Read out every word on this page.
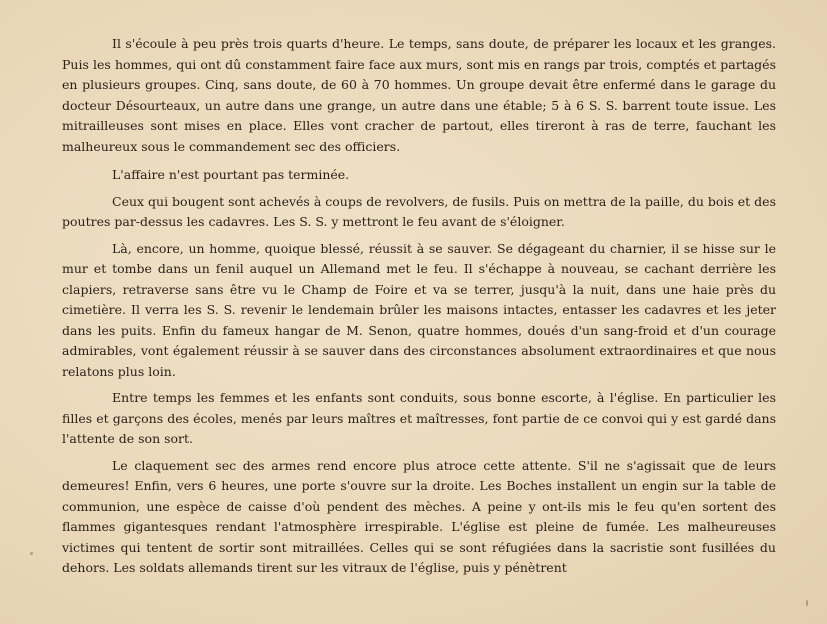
Il s'écoule à peu près trois quarts d'heure. Le temps, sans doute, de préparer les locaux et les granges. Puis les hommes, qui ont dû constamment faire face aux murs, sont mis en rangs par trois, comptés et partagés en plusieurs groupes. Cinq, sans doute, de 60 à 70 hommes. Un groupe devait être enfermé dans le garage du docteur Désourteaux, un autre dans une grange, un autre dans une étable; 5 à 6 S. S. barrent toute issue. Les mitrailleuses sont mises en place. Elles vont cracher de partout, elles tireront à ras de terre, fauchant les malheureux sous le commandement sec des officiers.

L'affaire n'est pourtant pas terminée.

Ceux qui bougent sont achevés à coups de revolvers, de fusils. Puis on mettra de la paille, du bois et des poutres par-dessus les cadavres. Les S. S. y mettront le feu avant de s'éloigner.

Là, encore, un homme, quoique blessé, réussit à se sauver. Se dégageant du charnier, il se hisse sur le mur et tombe dans un fenil auquel un Allemand met le feu. Il s'échappe à nouveau, se cachant derrière les clapiers, retraverse sans être vu le Champ de Foire et va se terrer, jusqu'à la nuit, dans une haie près du cimetière. Il verra les S. S. revenir le lendemain brûler les maisons intactes, entasser les cadavres et les jeter dans les puits. Enfin du fameux hangar de M. Senon, quatre hommes, doués d'un sang-froid et d'un courage admirables, vont également réussir à se sauver dans des circonstances absolument extraordinaires et que nous relatons plus loin.

Entre temps les femmes et les enfants sont conduits, sous bonne escorte, à l'église. En particulier les filles et garçons des écoles, menés par leurs maîtres et maîtresses, font partie de ce convoi qui y est gardé dans l'attente de son sort.

Le claquement sec des armes rend encore plus atroce cette attente. S'il ne s'agissait que de leurs demeures! Enfin, vers 6 heures, une porte s'ouvre sur la droite. Les Boches installent un engin sur la table de communion, une espèce de caisse d'où pendent des mèches. A peine y ont-ils mis le feu qu'en sortent des flammes gigantesques rendant l'atmosphère irrespirable. L'église est pleine de fumée. Les malheureuses victimes qui tentent de sortir sont mitraillées. Celles qui se sont réfugiées dans la sacristie sont fusillées du dehors. Les soldats allemands tirent sur les vitraux de l'église, puis y pénètrent
